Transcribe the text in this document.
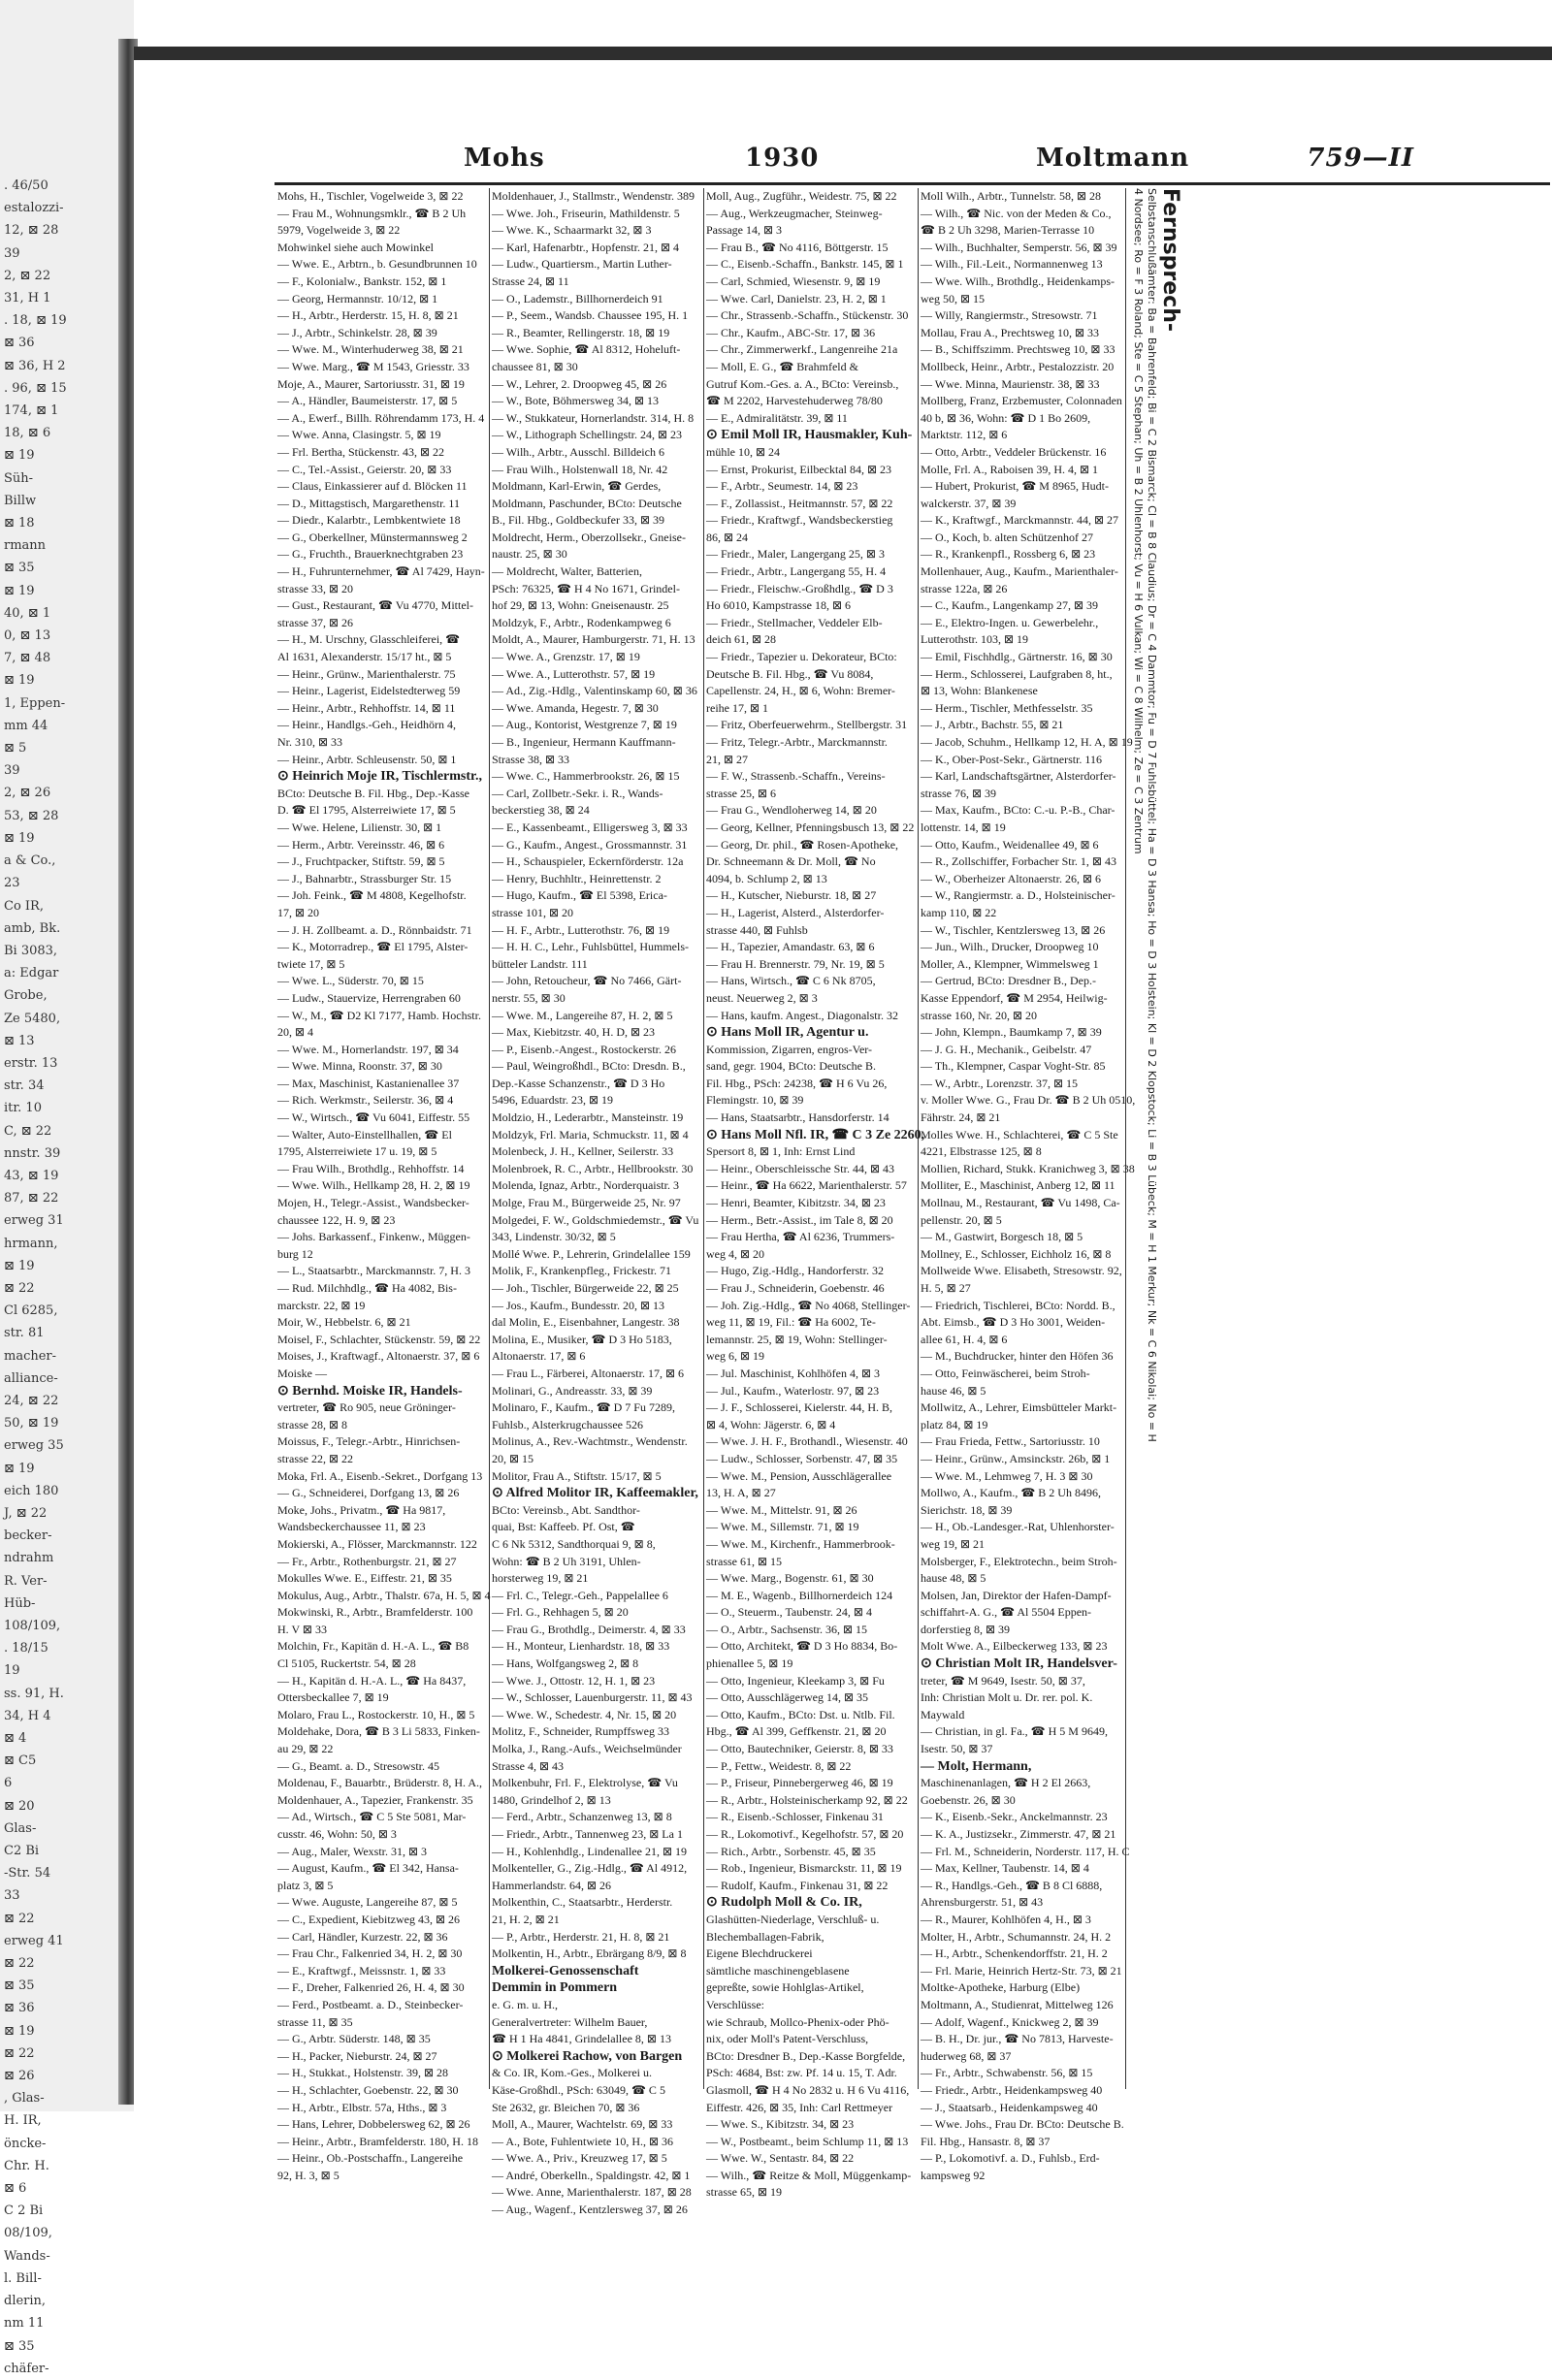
. 46/50
estalozzi-
12, ⊠ 28
39
2, ⊠ 22
31, H 1
. 18, ⊠ 19
⊠ 36
⊠ 36, H 2
. 96, ⊠ 15
174, ⊠ 1
18, ⊠ 6
⊠ 19
Süh-
Billw
⊠ 18
rmann
⊠ 35
⊠ 19
40, ⊠ 1
0, ⊠ 13
7, ⊠ 48
⊠ 19
1, Eppen-
mm 44
⊠ 5
39
2, ⊠ 26
53, ⊠ 28
⊠ 19
a & Co.,
23
Co IR,
amb, Bk.
Bi 3083,
a: Edgar
Grobe,
Ze 5480,
⊠ 13
erstr. 13
str. 34
itr. 10
C, ⊠ 22
nnstr. 39
43, ⊠ 19
87, ⊠ 22
erweg 31
hrmann,
⊠ 19
⊠ 22
Cl 6285,
str. 81
macher-
alliance-
24, ⊠ 22
50, ⊠ 19
erweg 35
⊠ 19
eich 180
J, ⊠ 22
becker-
ndrahm
R. Ver-
Hüb-
108/109,
. 18/15
19
ss. 91, H.
34, H 4
⊠ 4
⊠ C5
6
⊠ 20
Glas-
C2 Bi
-Str. 54
33
⊠ 22
erweg 41
⊠ 22
⊠ 35
⊠ 36
⊠ 19
⊠ 22
⊠ 26
, Glas-
H. IR,
öncke-
Chr. H.
⊠ 6
C 2 Bi
08/109,
Wands-
l. Bill-
dlerin,
nm 11
⊠ 35
chäfer-
Mohs	1930	Moltmann	759—II
Mohs, H., Tischler, Vogelweide 3, ⊠ 22
— Frau M., Wohnungsmklr., ☎ B 2 Uh
5979, Vogelweide 3, ⊠ 22
Mohwinkel siehe auch Mowinkel
— Wwe. E., Arbtrn., b. Gesundbrunnen 10
— F., Kolonialw., Bankstr. 152, ⊠ 1
— Georg, Hermannstr. 10/12, ⊠ 1
— H., Arbtr., Herderstr. 15, H. 8, ⊠ 21
— J., Arbtr., Schinkelstr. 28, ⊠ 39
— Wwe. M., Winterhuderweg 38, ⊠ 21
— Wwe. Marg., ☎ M 1543, Griesstr. 33
Moje, A., Maurer, Sartoriusstr. 31, ⊠ 19
— A., Händler, Baumeisterstr. 17, ⊠ 5
— A., Ewerf., Billh. Röhrendamm 173, H. 4
— Wwe. Anna, Clasingstr. 5, ⊠ 19
— Frl. Bertha, Stückenstr. 43, ⊠ 22
— C., Tel.-Assist., Geierstr. 20, ⊠ 33
— Claus, Einkassierer auf d. Blöcken 11
— D., Mittagstisch, Margarethenstr. 11
— Diedr., Kalarbtr., Lembkentwiete 18
— G., Oberkellner, Münstermannsweg 2
— G., Fruchth., Brauerknechtgraben 23
— H., Fuhrunternehmer, ☎ Al 7429, Hayn-
strasse 33, ⊠ 20
— Gust., Restaurant, ☎ Vu 4770, Mittel-
strasse 37, ⊠ 26
— H., M. Urschny, Glasschleiferei, ☎
Al 1631, Alexanderstr. 15/17 ht., ⊠ 5
— Heinr., Grünw., Marienthalerstr. 75
— Heinr., Lagerist, Eidelstedterweg 59
— Heinr., Arbtr., Rehhoffstr. 14, ⊠ 11
— Heinr., Handlgs.-Geh., Heidhörn 4,
Nr. 310, ⊠ 33
— Heinr., Arbtr. Schleusenstr. 50, ⊠ 1
⊙ Heinrich Moje IR, Tischlermstr.,
BCto: Deutsche B. Fil. Hbg., Dep.-Kasse
D. ☎ El 1795, Alsterreiwiete 17, ⊠ 5
— Wwe. Helene, Lilienstr. 30, ⊠ 1
— Herm., Arbtr. Vereinsstr. 46, ⊠ 6
— J., Fruchtpacker, Stiftstr. 59, ⊠ 5
— J., Bahnarbtr., Strassburger Str. 15
— Joh. Feink., ☎ M 4808, Kegelhofstr.
17, ⊠ 20
— J. H. Zollbeamt. a. D., Rönnbaidstr. 71
— K., Motorradrep., ☎ El 1795, Alster-
twiete 17, ⊠ 5
— Wwe. L., Süderstr. 70, ⊠ 15
— Ludw., Stauervize, Herrengraben 60
— W., M., ☎ D2 Kl 7177, Hamb. Hochstr.
20, ⊠ 4
— Wwe. M., Hornerlandstr. 197, ⊠ 34
— Wwe. Minna, Roonstr. 37, ⊠ 30
— Max, Maschinist, Kastanienallee 37
— Rich. Werkmstr., Seilerstr. 36, ⊠ 4
— W., Wirtsch., ☎ Vu 6041, Eiffestr. 55
— Walter, Auto-Einstellhallen, ☎ El
1795, Alsterreiwiete 17 u. 19, ⊠ 5
— Frau Wilh., Brothdlg., Rehhoffstr. 14
— Wwe. Wilh., Hellkamp 28, H. 2, ⊠ 19
Mojen, H., Telegr.-Assist., Wandsbecker-
chaussee 122, H. 9, ⊠ 23
— Johs. Barkassenf., Finkenw., Müggen-
burg 12
— L., Staatsarbtr., Marckmannstr. 7, H. 3
— Rud. Milchhdlg., ☎ Ha 4082, Bis-
marckstr. 22, ⊠ 19
Moir, W., Hebbelstr. 6, ⊠ 21
Moisel, F., Schlachter, Stückenstr. 59, ⊠ 22
Moises, J., Kraftwagf., Altonaerstr. 37, ⊠ 6
Moiske —
⊙ Bernhd. Moiske IR, Handels-
vertreter, ☎ Ro 905, neue Gröninger-
strasse 28, ⊠ 8
Moissus, F., Telegr.-Arbtr., Hinrichsen-
strasse 22, ⊠ 22
Moka, Frl. A., Eisenb.-Sekret., Dorfgang 13
— G., Schneiderei, Dorfgang 13, ⊠ 26
Moke, Johs., Privatm., ☎ Ha 9817,
Wandsbeckerchaussee 11, ⊠ 23
Mokierski, A., Flösser, Marckmannstr. 122
— Fr., Arbtr., Rothenburgstr. 21, ⊠ 27
Mokulles Wwe. E., Eiffestr. 21, ⊠ 35
Mokulus, Aug., Arbtr., Thalstr. 67a, H. 5, ⊠ 4
Mokwinski, R., Arbtr., Bramfelderstr. 100
H. V ⊠ 33
Molchin, Fr., Kapitän d. H.-A. L., ☎ B8
Cl 5105, Ruckertstr. 54, ⊠ 28
— H., Kapitän d. H.-A. L., ☎ Ha 8437,
Ottersbeckallee 7, ⊠ 19
Molaro, Frau L., Rostockerstr. 10, H., ⊠ 5
Moldehake, Dora, ☎ B 3 Li 5833, Finken-
au 29, ⊠ 22
— G., Beamt. a. D., Stresowstr. 45
Moldenau, F., Bauarbtr., Brüderstr. 8, H. A.,
Moldenhauer, A., Tapezier, Frankenstr. 35
— Ad., Wirtsch., ☎ C 5 Ste 5081, Mar-
cusstr. 46, Wohn: 50, ⊠ 3
— Aug., Maler, Wexstr. 31, ⊠ 3
— August, Kaufm., ☎ El 342, Hansa-
platz 3, ⊠ 5
— Wwe. Auguste, Langereihe 87, ⊠ 5
— C., Expedient, Kiebitzweg 43, ⊠ 26
— Carl, Händler, Kurzestr. 22, ⊠ 36
— Frau Chr., Falkenried 34, H. 2, ⊠ 30
— E., Kraftwgf., Meissnstr. 1, ⊠ 33
— F., Dreher, Falkenried 26, H. 4, ⊠ 30
— Ferd., Postbeamt. a. D., Steinbecker-
strasse 11, ⊠ 35
— G., Arbtr. Süderstr. 148, ⊠ 35
— H., Packer, Nieburstr. 24, ⊠ 27
— H., Stukkat., Holstenstr. 39, ⊠ 28
— H., Schlachter, Goebenstr. 22, ⊠ 30
— H., Arbtr., Elbstr. 57a, Hths., ⊠ 3
— Hans, Lehrer, Dobbelersweg 62, ⊠ 26
— Heinr., Arbtr., Bramfelderstr. 180, H. 18
— Heinr., Ob.-Postschaffn., Langereihe
92, H. 3, ⊠ 5
Moldenhauer, J., Stallmstr., Wendenstr. 389
— Wwe. Joh., Friseurin, Mathildenstr. 5
— Wwe. K., Schaarmarkt 32, ⊠ 3
— Karl, Hafenarbtr., Hopfenstr. 21, ⊠ 4
— Ludw., Quartiersm., Martin Luther-
Strasse 24, ⊠ 11
— O., Lademstr., Billhornerdeich 91
— P., Seem., Wandsb. Chaussee 195, H. 1
— R., Beamter, Rellingerstr. 18, ⊠ 19
— Wwe. Sophie, ☎ Al 8312, Hoheluft-
chaussee 81, ⊠ 30
— W., Lehrer, 2. Droopweg 45, ⊠ 26
— W., Bote, Böhmersweg 34, ⊠ 13
— W., Stukkateur, Hornerlandstr. 314, H. 8
— W., Lithograph Schellingstr. 24, ⊠ 23
— Wilh., Arbtr., Ausschl. Billdeich 6
— Frau Wilh., Holstenwall 18, Nr. 42
Moldmann, Karl-Erwin, ☎ Gerdes,
Moldmann, Paschunder, BCto: Deutsche
B., Fil. Hbg., Goldbeckufer 33, ⊠ 39
Moldrecht, Herm., Oberzollsekr., Gneise-
naustr. 25, ⊠ 30
— Moldrecht, Walter, Batterien,
PSch: 76325, ☎ H 4 No 1671, Grindel-
hof 29, ⊠ 13, Wohn: Gneisenaustr. 25
Moldzyk, F., Arbtr., Rodenkampweg 6
Moldt, A., Maurer, Hamburgerstr. 71, H. 13
— Wwe. A., Grenzstr. 17, ⊠ 19
— Wwe. A., Lutterothstr. 57, ⊠ 19
— Ad., Zig.-Hdlg., Valentinskamp 60, ⊠ 36
— Wwe. Amanda, Hegestr. 7, ⊠ 30
— Aug., Kontorist, Westgrenze 7, ⊠ 19
— B., Ingenieur, Hermann Kauffmann-
Strasse 38, ⊠ 33
— Wwe. C., Hammerbrookstr. 26, ⊠ 15
— Carl, Zollbetr.-Sekr. i. R., Wands-
beckerstieg 38, ⊠ 24
— E., Kassenbeamt., Elligersweg 3, ⊠ 33
— G., Kaufm., Angest., Grossmannstr. 31
— H., Schauspieler, Eckernförderstr. 12a
— Henry, Buchhltr., Heinrettenstr. 2
— Hugo, Kaufm., ☎ El 5398, Erica-
strasse 101, ⊠ 20
— H. F., Arbtr., Lutterothstr. 76, ⊠ 19
— H. H. C., Lehr., Fuhlsbüttel, Hummels-
bütteler Landstr. 111
— John, Retoucheur, ☎ No 7466, Gärt-
nerstr. 55, ⊠ 30
— Wwe. M., Langereihe 87, H. 2, ⊠ 5
— Max, Kiebitzstr. 40, H. D, ⊠ 23
— P., Eisenb.-Angest., Rostockerstr. 26
— Paul, Weingroßhdl., BCto: Dresdn. B.,
Dep.-Kasse Schanzenstr., ☎ D 3 Ho
5496, Eduardstr. 23, ⊠ 19
Moldzio, H., Lederarbtr., Mansteinstr. 19
Moldzyk, Frl. Maria, Schmuckstr. 11, ⊠ 4
Molenbeck, J. H., Kellner, Seilerstr. 33
Molenbroek, R. C., Arbtr., Hellbrookstr. 30
Molenda, Ignaz, Arbtr., Norderquaistr. 3
Molge, Frau M., Bürgerweide 25, Nr. 97
Molgedei, F. W., Goldschmiedemstr., ☎ Vu
343, Lindenstr. 30/32, ⊠ 5
Mollé Wwe. P., Lehrerin, Grindelallee 159
Molik, F., Krankenpfleg., Frickestr. 71
— Joh., Tischler, Bürgerweide 22, ⊠ 25
— Jos., Kaufm., Bundesstr. 20, ⊠ 13
dal Molin, E., Eisenbahner, Langestr. 38
Molina, E., Musiker, ☎ D 3 Ho 5183,
Altonaerstr. 17, ⊠ 6
— Frau L., Färberei, Altonaerstr. 17, ⊠ 6
Molinari, G., Andreasstr. 33, ⊠ 39
Molinaro, F., Kaufm., ☎ D 7 Fu 7289,
Fuhlsb., Alsterkrugchaussee 526
Molinus, A., Rev.-Wachtmstr., Wendenstr.
20, ⊠ 15
Molitor, Frau A., Stiftstr. 15/17, ⊠ 5
⊙ Alfred Molitor IR, Kaffeemakler,
BCto: Vereinsb., Abt. Sandthor-
quai, Bst: Kaffeeb. Pf. Ost, ☎
C 6 Nk 5312, Sandthorquai 9, ⊠ 8,
Wohn: ☎ B 2 Uh 3191, Uhlen-
horsterweg 19, ⊠ 21
— Frl. C., Telegr.-Geh., Pappelallee 6
— Frl. G., Rehhagen 5, ⊠ 20
— Frau G., Brothdlg., Deimerstr. 4, ⊠ 33
— H., Monteur, Lienhardstr. 18, ⊠ 33
— Hans, Wolfgangsweg 2, ⊠ 8
— Wwe. J., Ottostr. 12, H. 1, ⊠ 23
— W., Schlosser, Lauenburgerstr. 11, ⊠ 43
— Wwe. W., Schedestr. 4, Nr. 15, ⊠ 20
Molitz, F., Schneider, Rumpffsweg 33
Molka, J., Rang.-Aufs., Weichselmünder
Strasse 4, ⊠ 43
Molkenbuhr, Frl. F., Elektrolyse, ☎ Vu
1480, Grindelhof 2, ⊠ 13
— Ferd., Arbtr., Schanzenweg 13, ⊠ 8
— Friedr., Arbtr., Tannenweg 23, ⊠ La 1
— H., Kohlenhdlg., Lindenallee 21, ⊠ 19
Molkenteller, G., Zig.-Hdlg., ☎ Al 4912,
Hammerlandstr. 64, ⊠ 26
Molkenthin, C., Staatsarbtr., Herderstr.
21, H. 2, ⊠ 21
— P., Arbtr., Herderstr. 21, H. 8, ⊠ 21
Molkentin, H., Arbtr., Ebrärgang 8/9, ⊠ 8
Molkerei-Genossenschaft
Demmin in Pommern
e. G. m. u. H.,
Generalvertreter: Wilhelm Bauer,
☎ H 1 Ha 4841, Grindelallee 8, ⊠ 13
⊙ Molkerei Rachow, von Bargen
& Co. IR, Kom.-Ges., Molkerei u.
Käse-Großhdl., PSch: 63049, ☎ C 5
Ste 2632, gr. Bleichen 70, ⊠ 36
Moll, A., Maurer, Wachtelstr. 69, ⊠ 33
— A., Bote, Fuhlentwiete 10, H., ⊠ 36
— Wwe. A., Priv., Kreuzweg 17, ⊠ 5
— André, Oberkelln., Spaldingstr. 42, ⊠ 1
— Wwe. Anne, Marienthalerstr. 187, ⊠ 28
— Aug., Wagenf., Kentzlersweg 37, ⊠ 26
Moll, Aug., Zugführ., Weidestr. 75, ⊠ 22
— Aug., Werkzeugmacher, Steinweg-
Passage 14, ⊠ 3
— Frau B., ☎ No 4116, Böttgerstr. 15
— C., Eisenb.-Schaffn., Bankstr. 145, ⊠ 1
— Carl, Schmied, Wiesenstr. 9, ⊠ 19
— Wwe. Carl, Danielstr. 23, H. 2, ⊠ 1
— Chr., Strassenb.-Schaffn., Stückenstr. 30
— Chr., Kaufm., ABC-Str. 17, ⊠ 36
— Chr., Zimmerwerkf., Langenreihe 21a
— Moll, E. G., ☎ Brahmfeld &
Gutruf Kom.-Ges. a. A., BCto: Vereinsb.,
☎ M 2202, Harvestehuderweg 78/80
— E., Admiralitätstr. 39, ⊠ 11
⊙ Emil Moll IR, Hausmakler, Kuh-
mühle 10, ⊠ 24
— Ernst, Prokurist, Eilbecktal 84, ⊠ 23
— F., Arbtr., Seumestr. 14, ⊠ 23
— F., Zollassist., Heitmannstr. 57, ⊠ 22
— Friedr., Kraftwgf., Wandsbeckerstieg
86, ⊠ 24
— Friedr., Maler, Langergang 25, ⊠ 3
— Friedr., Arbtr., Langergang 55, H. 4
— Friedr., Fleischw.-Großhdlg., ☎ D 3
Ho 6010, Kampstrasse 18, ⊠ 6
— Friedr., Stellmacher, Veddeler Elb-
deich 61, ⊠ 28
— Friedr., Tapezier u. Dekorateur, BCto:
Deutsche B. Fil. Hbg., ☎ Vu 8084,
Capellenstr. 24, H., ⊠ 6, Wohn: Bremer-
reihe 17, ⊠ 1
— Fritz, Oberfeuerwehrm., Stellbergstr. 31
— Fritz, Telegr.-Arbtr., Marckmannstr.
21, ⊠ 27
— F. W., Strassenb.-Schaffn., Vereins-
strasse 25, ⊠ 6
— Frau G., Wendloherweg 14, ⊠ 20
— Georg, Kellner, Pfenningsbusch 13, ⊠ 22
— Georg, Dr. phil., ☎ Rosen-Apotheke,
Dr. Schneemann & Dr. Moll, ☎ No
4094, b. Schlump 2, ⊠ 13
— H., Kutscher, Nieburstr. 18, ⊠ 27
— H., Lagerist, Alsterd., Alsterdorfer-
strasse 440, ⊠ Fuhlsb
— H., Tapezier, Amandastr. 63, ⊠ 6
— Frau H. Brennerstr. 79, Nr. 19, ⊠ 5
— Hans, Wirtsch., ☎ C 6 Nk 8705,
neust. Neuerweg 2, ⊠ 3
— Hans, kaufm. Angest., Diagonalstr. 32
⊙ Hans Moll IR, Agentur u.
Kommission, Zigarren, engros-Ver-
sand, gegr. 1904, BCto: Deutsche B.
Fil. Hbg., PSch: 24238, ☎ H 6 Vu 26,
Flemingstr. 10, ⊠ 39
— Hans, Staatsarbtr., Hansdorferstr. 14
⊙ Hans Moll Nfl. IR, ☎ C 3 Ze 2260,
Spersort 8, ⊠ 1, Inh: Ernst Lind
— Heinr., Oberschleissche Str. 44, ⊠ 43
— Heinr., ☎ Ha 6622, Marienthalerstr. 57
— Henri, Beamter, Kibitzstr. 34, ⊠ 23
— Herm., Betr.-Assist., im Tale 8, ⊠ 20
— Frau Hertha, ☎ Al 6236, Trummers-
weg 4, ⊠ 20
— Hugo, Zig.-Hdlg., Handorferstr. 32
— Frau J., Schneiderin, Goebenstr. 46
— Joh. Zig.-Hdlg., ☎ No 4068, Stellinger-
weg 11, ⊠ 19, Fil.: ☎ Ha 6002, Te-
lemannstr. 25, ⊠ 19, Wohn: Stellinger-
weg 6, ⊠ 19
— Jul. Maschinist, Kohlhöfen 4, ⊠ 3
— Jul., Kaufm., Waterlostr. 97, ⊠ 23
— J. F., Schlosserei, Kielerstr. 44, H. B,
⊠ 4, Wohn: Jägerstr. 6, ⊠ 4
— Wwe. J. H. F., Brothandl., Wiesenstr. 40
— Ludw., Schlosser, Sorbenstr. 47, ⊠ 35
— Wwe. M., Pension, Ausschlägerallee
13, H. A, ⊠ 27
— Wwe. M., Mittelstr. 91, ⊠ 26
— Wwe. M., Sillemstr. 71, ⊠ 19
— Wwe. M., Kirchenfr., Hammerbrook-
strasse 61, ⊠ 15
— Wwe. Marg., Bogenstr. 61, ⊠ 30
— M. E., Wagenb., Billhornerdeich 124
— O., Steuerm., Taubenstr. 24, ⊠ 4
— O., Arbtr., Sachsenstr. 36, ⊠ 15
— Otto, Architekt, ☎ D 3 Ho 8834, Bo-
phienallee 5, ⊠ 19
— Otto, Ingenieur, Kleekamp 3, ⊠ Fu
— Otto, Ausschlägerweg 14, ⊠ 35
— Otto, Kaufm., BCto: Dst. u. Ntlb. Fil.
Hbg., ☎ Al 399, Geffkenstr. 21, ⊠ 20
— Otto, Bautechniker, Geierstr. 8, ⊠ 33
— P., Fettw., Weidestr. 8, ⊠ 22
— P., Friseur, Pinnebergerweg 46, ⊠ 19
— R., Arbtr., Holsteinischerkamp 92, ⊠ 22
— R., Eisenb.-Schlosser, Finkenau 31
— R., Lokomotivf., Kegelhofstr. 57, ⊠ 20
— Rich., Arbtr., Sorbenstr. 45, ⊠ 35
— Rob., Ingenieur, Bismarckstr. 11, ⊠ 19
— Rudolf, Kaufm., Finkenau 31, ⊠ 22
⊙ Rudolph Moll & Co. IR,
Glashütten-Niederlage, Verschluß- u.
Blechemballagen-Fabrik,
Eigene Blechdruckerei
sämtliche maschinengeblasene
gepreßte, sowie Hohlglas-Artikel,
Verschlüsse:
wie Schraub, Mollco-Phenix-oder Phö-
nix, oder Moll's Patent-Verschluss,
BCto: Dresdner B., Dep.-Kasse Borgfelde,
PSch: 4684, Bst: zw. Pf. 14 u. 15, T. Adr.
Glasmoll, ☎ H 4 No 2832 u. H 6 Vu 4116,
Eiffestr. 426, ⊠ 35, Inh: Carl Rettmeyer
— Wwe. S., Kibitzstr. 34, ⊠ 23
— W., Postbeamt., beim Schlump 11, ⊠ 13
— Wwe. W., Sentastr. 84, ⊠ 22
— Wilh., ☎ Reitze & Moll, Müggenkamp-
strasse 65, ⊠ 19
Moll Wilh., Arbtr., Tunnelstr. 58, ⊠ 28
— Wilh., ☎ Nic. von der Meden & Co.,
☎ B 2 Uh 3298, Marien-Terrasse 10
— Wilh., Buchhalter, Semperstr. 56, ⊠ 39
— Wilh., Fil.-Leit., Normannenweg 13
— Wwe. Wilh., Brothdlg., Heidenkamps-
weg 50, ⊠ 15
— Willy, Rangiermstr., Stresowstr. 71
Mollau, Frau A., Prechtsweg 10, ⊠ 33
— B., Schiffszimm. Prechtsweg 10, ⊠ 33
Mollbeck, Heinr., Arbtr., Pestalozzistr. 20
— Wwe. Minna, Maurienstr. 38, ⊠ 33
Mollberg, Franz, Erzbemuster, Colonnaden
40 b, ⊠ 36, Wohn: ☎ D 1 Bo 2609,
Marktstr. 112, ⊠ 6
— Otto, Arbtr., Veddeler Brückenstr. 16
Molle, Frl. A., Raboisen 39, H. 4, ⊠ 1
— Hubert, Prokurist, ☎ M 8965, Hudt-
walckerstr. 37, ⊠ 39
— K., Kraftwgf., Marckmannstr. 44, ⊠ 27
— O., Koch, b. alten Schützenhof 27
— R., Krankenpfl., Rossberg 6, ⊠ 23
Mollenhauer, Aug., Kaufm., Marienthaler-
strasse 122a, ⊠ 26
— C., Kaufm., Langenkamp 27, ⊠ 39
— E., Elektro-Ingen. u. Gewerbelehr.,
Lutterothstr. 103, ⊠ 19
— Emil, Fischhdlg., Gärtnerstr. 16, ⊠ 30
— Herm., Schlosserei, Laufgraben 8, ht.,
⊠ 13, Wohn: Blankenese
— Herm., Tischler, Methfesselstr. 35
— J., Arbtr., Bachstr. 55, ⊠ 21
— Jacob, Schuhm., Hellkamp 12, H. A, ⊠ 19
— K., Ober-Post-Sekr., Gärtnerstr. 116
— Karl, Landschaftsgärtner, Alsterdorfer-
strasse 76, ⊠ 39
— Max, Kaufm., BCto: C.-u. P.-B., Char-
lottenstr. 14, ⊠ 19
— Otto, Kaufm., Weidenallee 49, ⊠ 6
— R., Zollschiffer, Forbacher Str. 1, ⊠ 43
— W., Oberheizer Altonaerstr. 26, ⊠ 6
— W., Rangiermstr. a. D., Holsteinischer-
kamp 110, ⊠ 22
— W., Tischler, Kentzlersweg 13, ⊠ 26
— Jun., Wilh., Drucker, Droopweg 10
Moller, A., Klempner, Wimmelsweg 1
— Gertrud, BCto: Dresdner B., Dep.-
Kasse Eppendorf, ☎ M 2954, Heilwig-
strasse 160, Nr. 20, ⊠ 20
— John, Klempn., Baumkamp 7, ⊠ 39
— J. G. H., Mechanik., Geibelstr. 47
— Th., Klempner, Caspar Voght-Str. 85
— W., Arbtr., Lorenzstr. 37, ⊠ 15
v. Moller Wwe. G., Frau Dr. ☎ B 2 Uh 0510,
Fährstr. 24, ⊠ 21
Molles Wwe. H., Schlachterei, ☎ C 5 Ste
4221, Elbstrasse 125, ⊠ 8
Mollien, Richard, Stukk. Kranichweg 3, ⊠ 38
Molliter, E., Maschinist, Anberg 12, ⊠ 11
Mollnau, M., Restaurant, ☎ Vu 1498, Ca-
pellenstr. 20, ⊠ 5
— M., Gastwirt, Borgesch 18, ⊠ 5
Mollney, E., Schlosser, Eichholz 16, ⊠ 8
Mollweide Wwe. Elisabeth, Stresowstr. 92,
H. 5, ⊠ 27
— Friedrich, Tischlerei, BCto: Nordd. B.,
Abt. Eimsb., ☎ D 3 Ho 3001, Weiden-
allee 61, H. 4, ⊠ 6
— M., Buchdrucker, hinter den Höfen 36
— Otto, Feinwäscherei, beim Stroh-
hause 46, ⊠ 5
Mollwitz, A., Lehrer, Eimsbütteler Markt-
platz 84, ⊠ 19
— Frau Frieda, Fettw., Sartoriusstr. 10
— Heinr., Grünw., Amsinckstr. 26b, ⊠ 1
— Wwe. M., Lehmweg 7, H. 3 ⊠ 30
Mollwo, A., Kaufm., ☎ B 2 Uh 8496,
Sierichstr. 18, ⊠ 39
— H., Ob.-Landesger.-Rat, Uhlenhorster-
weg 19, ⊠ 21
Molsberger, F., Elektrotechn., beim Stroh-
hause 48, ⊠ 5
Molsen, Jan, Direktor der Hafen-Dampf-
schiffahrt-A. G., ☎ Al 5504 Eppen-
dorferstieg 8, ⊠ 39
Molt Wwe. A., Eilbeckerweg 133, ⊠ 23
⊙ Christian Molt IR, Handelsver-
treter, ☎ M 9649, Isestr. 50, ⊠ 37,
Inh: Christian Molt u. Dr. rer. pol. K.
Maywald
— Christian, in gl. Fa., ☎ H 5 M 9649,
Isestr. 50, ⊠ 37
— Molt, Hermann,
Maschinenanlagen, ☎ H 2 El 2663,
Goebenstr. 26, ⊠ 30
— K., Eisenb.-Sekr., Anckelmannstr. 23
— K. A., Justizsekr., Zimmerstr. 47, ⊠ 21
— Frl. M., Schneiderin, Norderstr. 117, H. C
— Max, Kellner, Taubenstr. 14, ⊠ 4
— R., Handlgs.-Geh., ☎ B 8 Cl 6888,
Ahrensburgerstr. 51, ⊠ 43
— R., Maurer, Kohlhöfen 4, H., ⊠ 3
Molter, H., Arbtr., Schumannstr. 24, H. 2
— H., Arbtr., Schenkendorffstr. 21, H. 2
— Frl. Marie, Heinrich Hertz-Str. 73, ⊠ 21
Moltke-Apotheke, Harburg (Elbe)
Moltmann, A., Studienrat, Mittelweg 126
— Adolf, Wagenf., Knickweg 2, ⊠ 39
— B. H., Dr. jur., ☎ No 7813, Harveste-
huderweg 68, ⊠ 37
— Fr., Arbtr., Schwabenstr. 56, ⊠ 15
— Friedr., Arbtr., Heidenkampsweg 40
— J., Staatsarb., Heidenkampsweg 40
— Wwe. Johs., Frau Dr. BCto: Deutsche B.
Fil. Hbg., Hansastr. 8, ⊠ 37
— P., Lokomotivf. a. D., Fuhlsb., Erd-
kampsweg 92
Fernsprech-
Selbstanschlußämter: Ba = Bahrenfeld; Bi = C 2 Bismarck; Cl = B 8 Claudius; Dr = C 4 Dammtor; Fu = D 7 Fuhlsbüttel; Ha = D 3 Hansa; Ho = D 3 Holstein; Kl = D 2 Klopstock; Li = B 3 Lübeck; M = H 1 Merkur; Nk = C 6 Nikolai; No = H 4 Nordsee; Ro = F 3 Roland; Ste = C 5 Stephan; Uh = B 2 Uhlenhorst; Vu = H 6 Vulkan; Wi = C 8 Wilhelm; Ze = C 3 Zentrum
